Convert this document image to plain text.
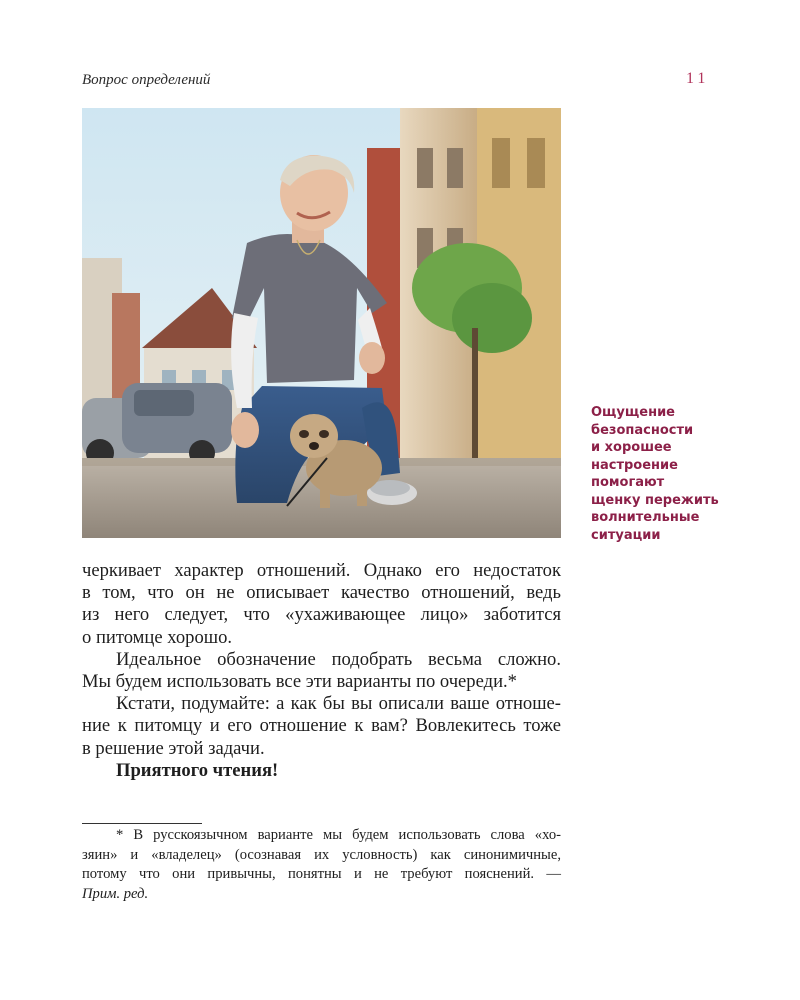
Вопрос определений	11
Ощущение
безопасности
и хорошее
настроение
помогают
щенку пережить
волнительные
ситуации
черкивает характер отношений. Однако его недостаток
в том, что он не описывает качество отношений, ведь
из него следует, что «ухаживающее лицо» заботится
о питомце хорошо.
Идеальное обозначение подобрать весьма сложно.
Мы будем использовать все эти варианты по очереди.*
Кстати, подумайте: а как бы вы описали ваше отноше-
ние к питомцу и его отношение к вам? Вовлекитесь тоже
в решение этой задачи.
Приятного чтения!
* В русскоязычном варианте мы будем использовать слова «хо-
зяин» и «владелец» (осознавая их условность) как синонимичные,
потому что они привычны, понятны и не требуют пояснений. —
Прим. ред.
